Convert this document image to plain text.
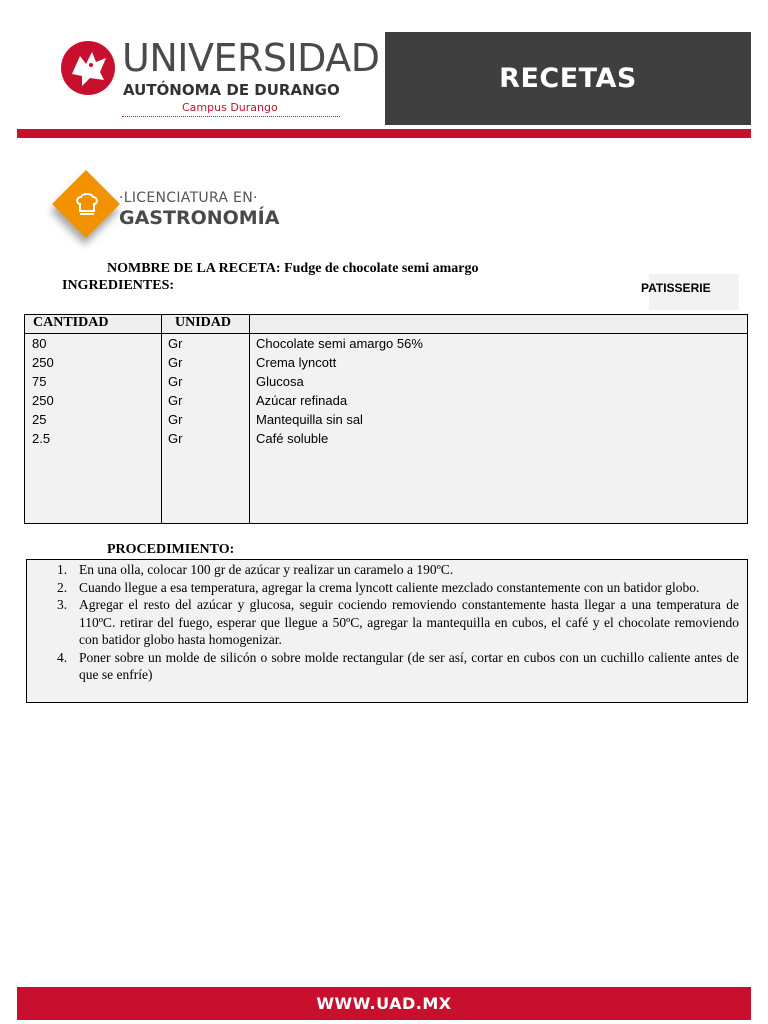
UNIVERSIDAD
AUTÓNOMA DE DURANGO
Campus Durango
RECETAS
·LICENCIATURA EN·
GASTRONOMÍA
NOMBRE DE LA RECETA: Fudge de chocolate semi amargo
INGREDIENTES:	PATISSERIE
CANTIDAD	UNIDAD
80	Gr	Chocolate semi amargo 56%
250	Gr	Crema lyncott
75	Gr	Glucosa
250	Gr	Azúcar refinada
25	Gr	Mantequilla sin sal
2.5	Gr	Café soluble
PROCEDIMIENTO:
1. En una olla, colocar 100 gr de azúcar y realizar un caramelo a 190ºC.
2. Cuando llegue a esa temperatura, agregar la crema lyncott caliente mezclado constantemente con un batidor globo.
3. Agregar el resto del azúcar y glucosa, seguir cociendo removiendo constantemente hasta llegar a una temperatura de 110ºC. retirar del fuego, esperar que llegue a 50ºC, agregar la mantequilla en cubos, el café y el chocolate removiendo con batidor globo hasta homogenizar.
4. Poner sobre un molde de silicón o sobre molde rectangular (de ser así, cortar en cubos con un cuchillo caliente antes de que se enfríe)
WWW.UAD.MX
